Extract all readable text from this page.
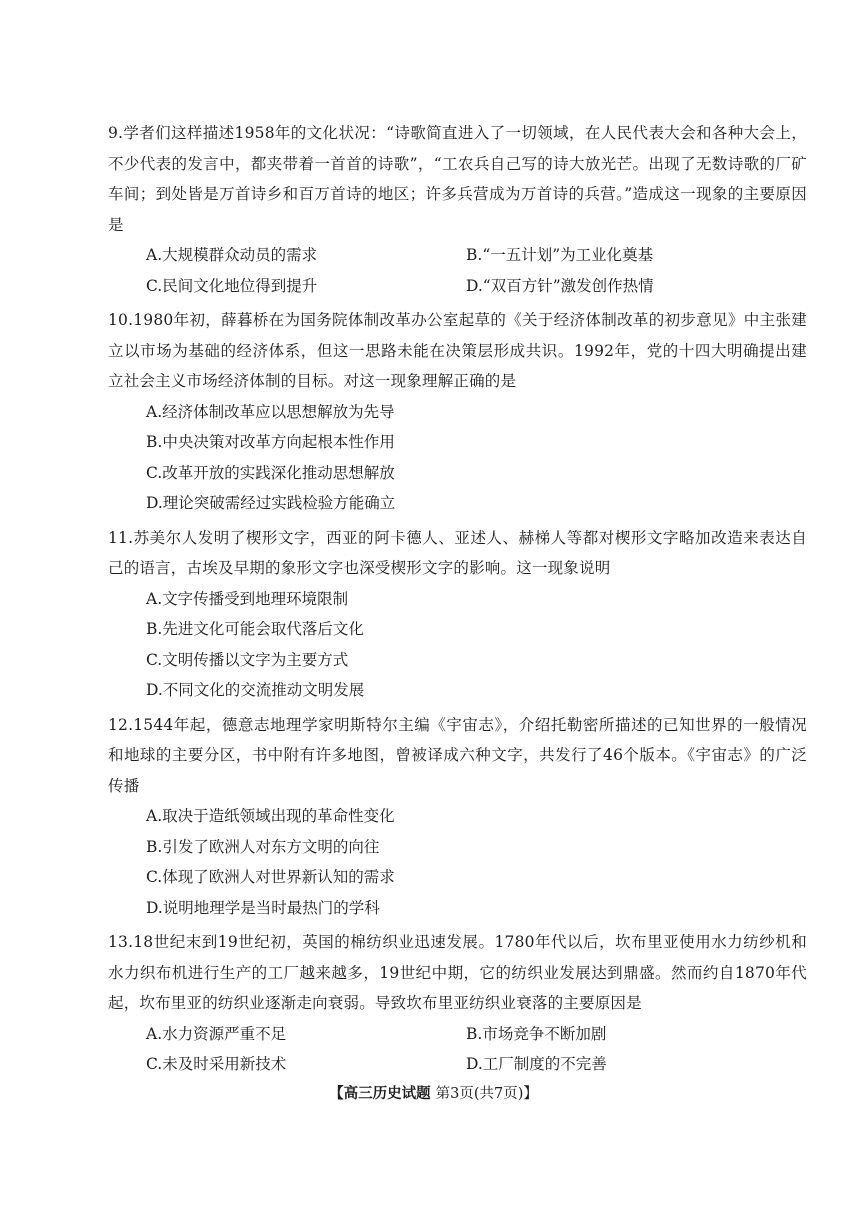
9.学者们这样描述1958年的文化状况：“诗歌简直进入了一切领域，在人民代表大会和各种大会上，不少代表的发言中，都夹带着一首首的诗歌”，“工农兵自己写的诗大放光芒。出现了无数诗歌的厂矿车间；到处皆是万首诗乡和百万首诗的地区；许多兵营成为万首诗的兵营。”造成这一现象的主要原因是
A.大规模群众动员的需求	B.“一五计划”为工业化奠基
C.民间文化地位得到提升	D.“双百方针”激发创作热情
10.1980年初，薛暮桥在为国务院体制改革办公室起草的《关于经济体制改革的初步意见》中主张建立以市场为基础的经济体系，但这一思路未能在决策层形成共识。1992年，党的十四大明确提出建立社会主义市场经济体制的目标。对这一现象理解正确的是
A.经济体制改革应以思想解放为先导
B.中央决策对改革方向起根本性作用
C.改革开放的实践深化推动思想解放
D.理论突破需经过实践检验方能确立
11.苏美尔人发明了楔形文字，西亚的阿卡德人、亚述人、赫梯人等都对楔形文字略加改造来表达自己的语言，古埃及早期的象形文字也深受楔形文字的影响。这一现象说明
A.文字传播受到地理环境限制
B.先进文化可能会取代落后文化
C.文明传播以文字为主要方式
D.不同文化的交流推动文明发展
12.1544年起，德意志地理学家明斯特尔主编《宇宙志》，介绍托勒密所描述的已知世界的一般情况和地球的主要分区，书中附有许多地图，曾被译成六种文字，共发行了46个版本。《宇宙志》的广泛传播
A.取决于造纸领域出现的革命性变化
B.引发了欧洲人对东方文明的向往
C.体现了欧洲人对世界新认知的需求
D.说明地理学是当时最热门的学科
13.18世纪末到19世纪初，英国的棉纺织业迅速发展。1780年代以后，坎布里亚使用水力纺纱机和水力织布机进行生产的工厂越来越多，19世纪中期，它的纺织业发展达到鼎盛。然而约自1870年代起，坎布里亚的纺织业逐渐走向衰弱。导致坎布里亚纺织业衰落的主要原因是
A.水力资源严重不足	B.市场竞争不断加剧
C.未及时采用新技术	D.工厂制度的不完善
【高三历史试题 第3页(共7页)】
